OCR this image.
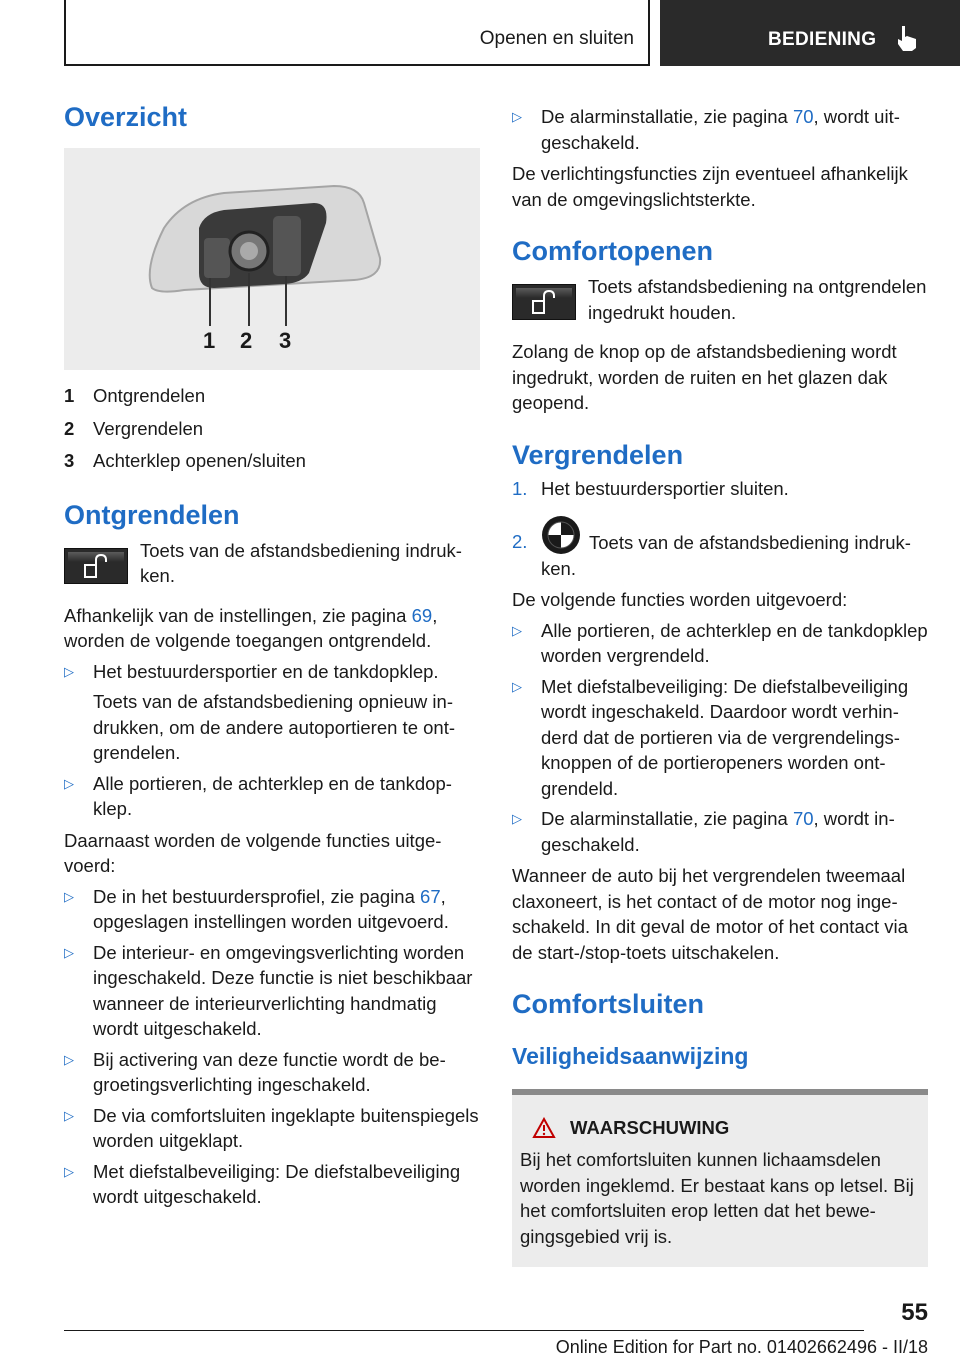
Openen en sluiten	BEDIENING
Overzicht
1 2 3
1	Ontgrendelen
2	Vergrendelen
3	Achterklep openen/sluiten
Ontgrendelen
Toets van de afstandsbediening indrukken.

Afhankelijk van de instellingen, zie pagina 69, worden de volgende toegangen ontgrendeld.

▷ Het bestuurdersportier en de tankdopklep.
Toets van de afstandsbediening opnieuw indrukken, om de andere autoportieren te ontgrendelen.
▷ Alle portieren, de achterklep en de tankdopklep.

Daarnaast worden de volgende functies uitgevoerd:

▷ De in het bestuurdersprofiel, zie pagina 67, opgeslagen instellingen worden uitgevoerd.
▷ De interieur- en omgevingsverlichting worden ingeschakeld. Deze functie is niet beschikbaar wanneer de interieurverlichting handmatig wordt uitgeschakeld.
▷ Bij activering van deze functie wordt de begroetingsverlichting ingeschakeld.
▷ De via comfortsluiten ingeklapte buitenspiegels worden uitgeklapt.
▷ Met diefstalbeveiliging: De diefstalbeveiliging wordt uitgeschakeld.
▷ De alarminstallatie, zie pagina 70, wordt uitgeschakeld.

De verlichtingsfuncties zijn eventueel afhankelijk van de omgevingslichtsterkte.

Comfortopenen
Toets afstandsbediening na ontgrendelen ingedrukt houden.

Zolang de knop op de afstandsbediening wordt ingedrukt, worden de ruiten en het glazen dak geopend.

Vergrendelen
1. Het bestuurdersportier sluiten.
2.	Toets van de afstandsbediening indrukken.

De volgende functies worden uitgevoerd:

▷ Alle portieren, de achterklep en de tankdopklep worden vergrendeld.
▷ Met diefstalbeveiliging: De diefstalbeveiliging wordt ingeschakeld. Daardoor wordt verhinderd dat de portieren via de vergrendelingsknoppen of de portieropeners worden ontgrendeld.
▷ De alarminstallatie, zie pagina 70, wordt ingeschakeld.

Wanneer de auto bij het vergrendelen tweemaal claxoneert, is het contact of de motor nog ingeschakeld. In dit geval de motor of het contact via de start-/stop-toets uitschakelen.

Comfortsluiten
Veiligheidsaanwijzing
WAARSCHUWING
Bij het comfortsluiten kunnen lichaamsdelen worden ingeklemd. Er bestaat kans op letsel. Bij het comfortsluiten erop letten dat het bewegingsgebied vrij is.
55
Online Edition for Part no. 01402662496 - II/18
